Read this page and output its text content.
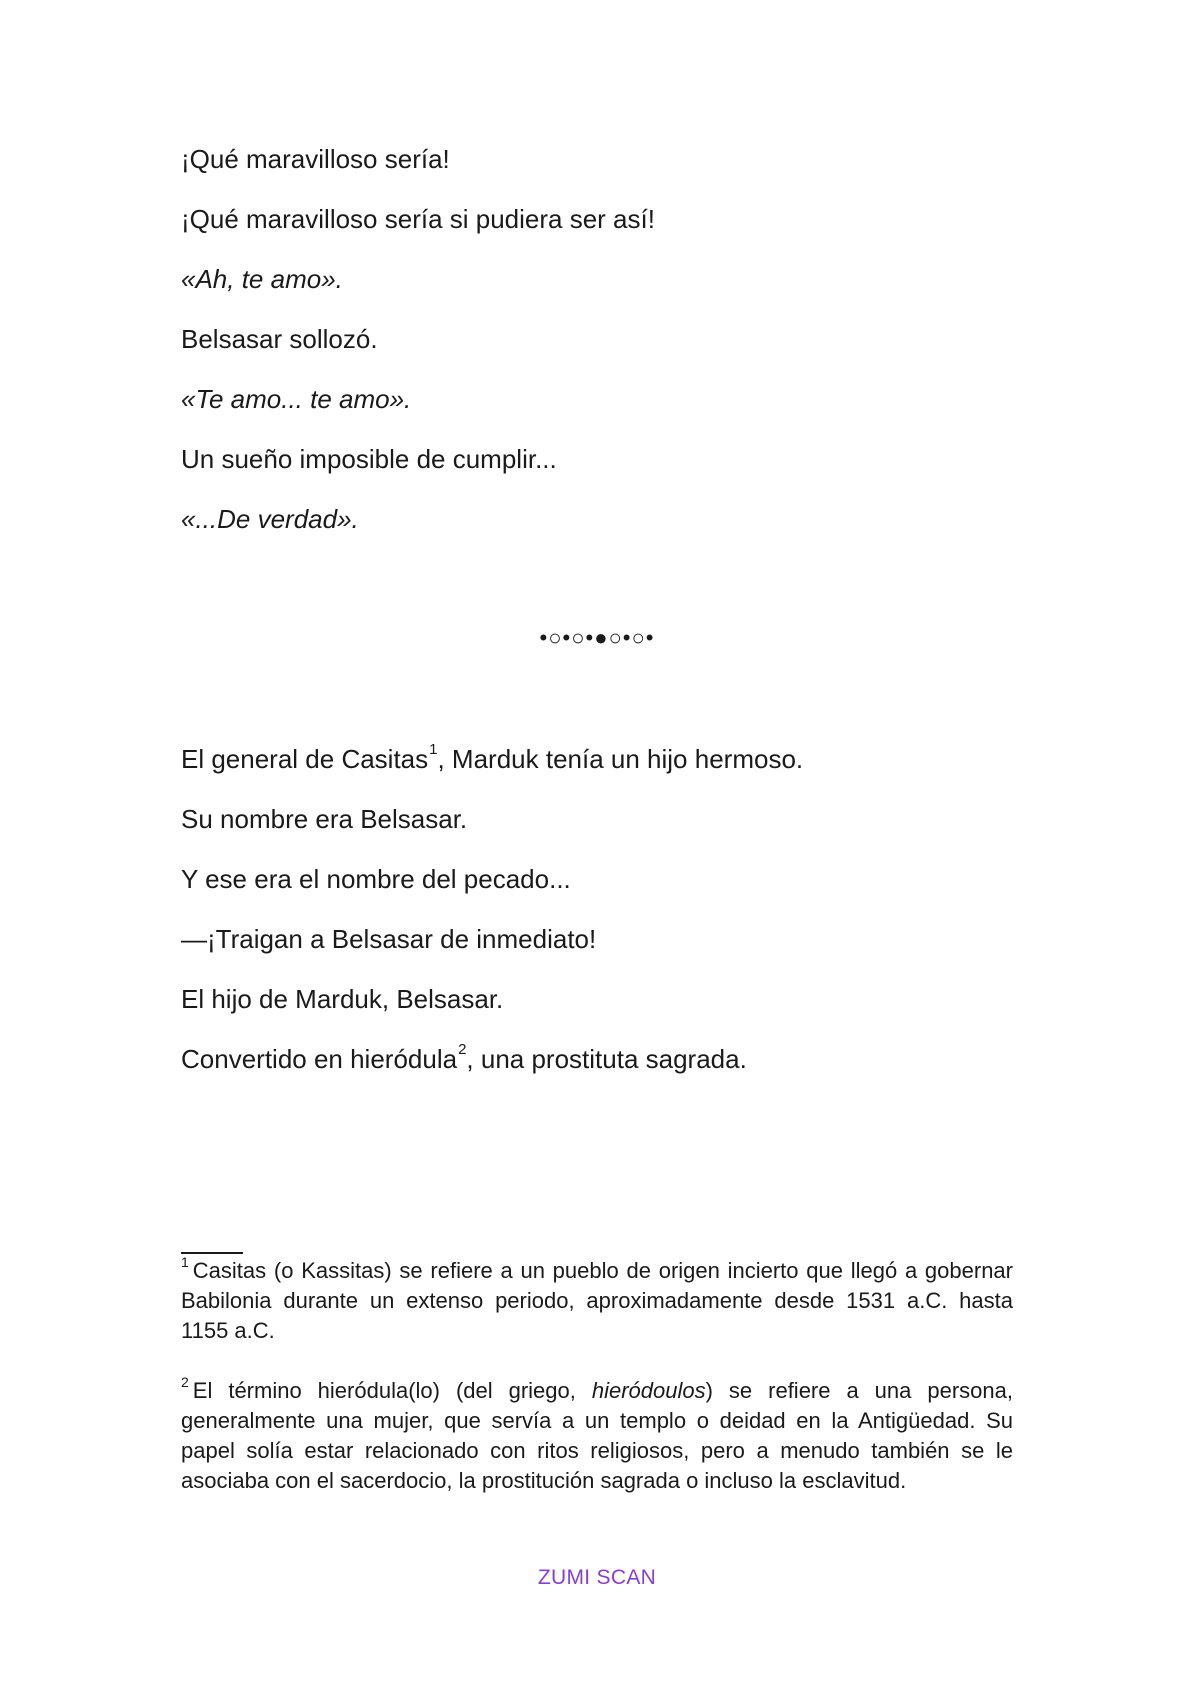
¡Qué maravilloso sería!

¡Qué maravilloso sería si pudiera ser así!

«Ah, te amo».

Belsasar sollozó.

«Te amo... te amo».

Un sueño imposible de cumplir...

«...De verdad».

•○•○•●○•○•

El general de Casitas$^1$, Marduk tenía un hijo hermoso.

Su nombre era Belsasar.

Y ese era el nombre del pecado...

—¡Traigan a Belsasar de inmediato!

El hijo de Marduk, Belsasar.

Convertido en hieródula$^2$, una prostituta sagrada.

$^1$ Casitas (o Kassitas) se refiere a un pueblo de origen incierto que llegó a gobernar Babilonia durante un extenso periodo, aproximadamente desde 1531 a.C. hasta 1155 a.C.

$^2$ El término hieródula(lo) (del griego, hieródoulos) se refiere a una persona, generalmente una mujer, que servía a un templo o deidad en la Antigüedad. Su papel solía estar relacionado con ritos religiosos, pero a menudo también se le asociaba con el sacerdocio, la prostitución sagrada o incluso la esclavitud.

ZUMI SCAN
